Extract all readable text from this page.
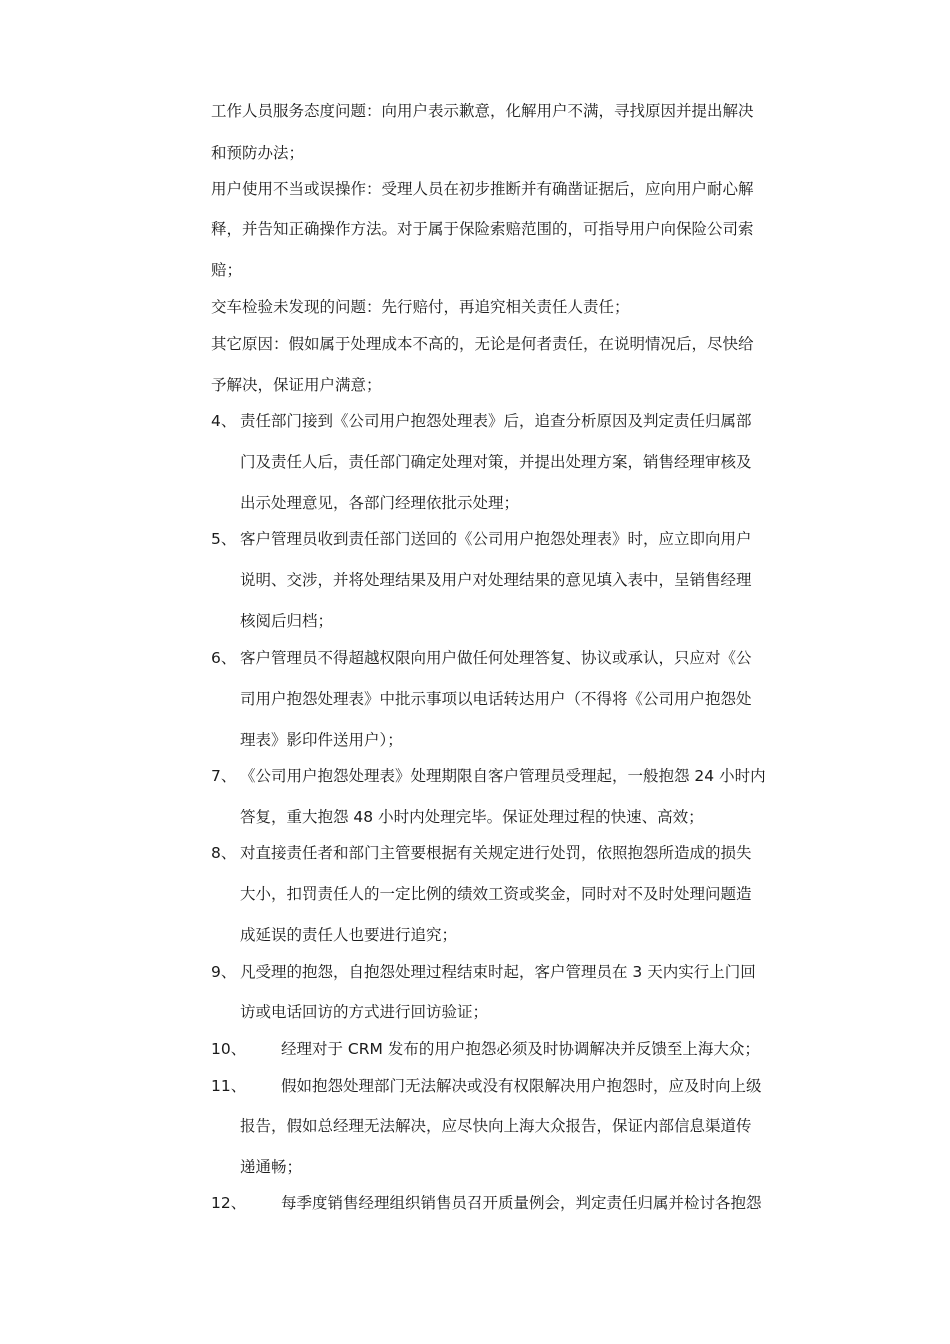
工作人员服务态度问题：向用户表示歉意，化解用户不满，寻找原因并提出解决
和预防办法；
用户使用不当或误操作：受理人员在初步推断并有确凿证据后，应向用户耐心解
释，并告知正确操作方法。对于属于保险索赔范围的，可指导用户向保险公司索
赔；
交车检验未发现的问题：先行赔付，再追究相关责任人责任；
其它原因：假如属于处理成本不高的，无论是何者责任，在说明情况后，尽快给
予解决，保证用户满意；
4、 责任部门接到《公司用户抱怨处理表》后，追查分析原因及判定责任归属部
门及责任人后，责任部门确定处理对策，并提出处理方案，销售经理审核及
出示处理意见，各部门经理依批示处理；
5、 客户管理员收到责任部门送回的《公司用户抱怨处理表》时，应立即向用户
说明、交涉，并将处理结果及用户对处理结果的意见填入表中，呈销售经理
核阅后归档；
6、 客户管理员不得超越权限向用户做任何处理答复、协议或承认，只应对《公
司用户抱怨处理表》中批示事项以电话转达用户（不得将《公司用户抱怨处
理表》影印件送用户）；
7、 《公司用户抱怨处理表》处理期限自客户管理员受理起，一般抱怨 24 小时内
答复，重大抱怨 48 小时内处理完毕。保证处理过程的快速、高效；
8、 对直接责任者和部门主管要根据有关规定进行处罚，依照抱怨所造成的损失
大小，扣罚责任人的一定比例的绩效工资或奖金，同时对不及时处理问题造
成延误的责任人也要进行追究；
9、 凡受理的抱怨，自抱怨处理过程结束时起，客户管理员在 3 天内实行上门回
访或电话回访的方式进行回访验证；
10、 经理对于 CRM 发布的用户抱怨必须及时协调解决并反馈至上海大众；
11、 假如抱怨处理部门无法解决或没有权限解决用户抱怨时，应及时向上级
报告，假如总经理无法解决，应尽快向上海大众报告，保证内部信息渠道传
递通畅；
12、 每季度销售经理组织销售员召开质量例会，判定责任归属并检讨各抱怨
